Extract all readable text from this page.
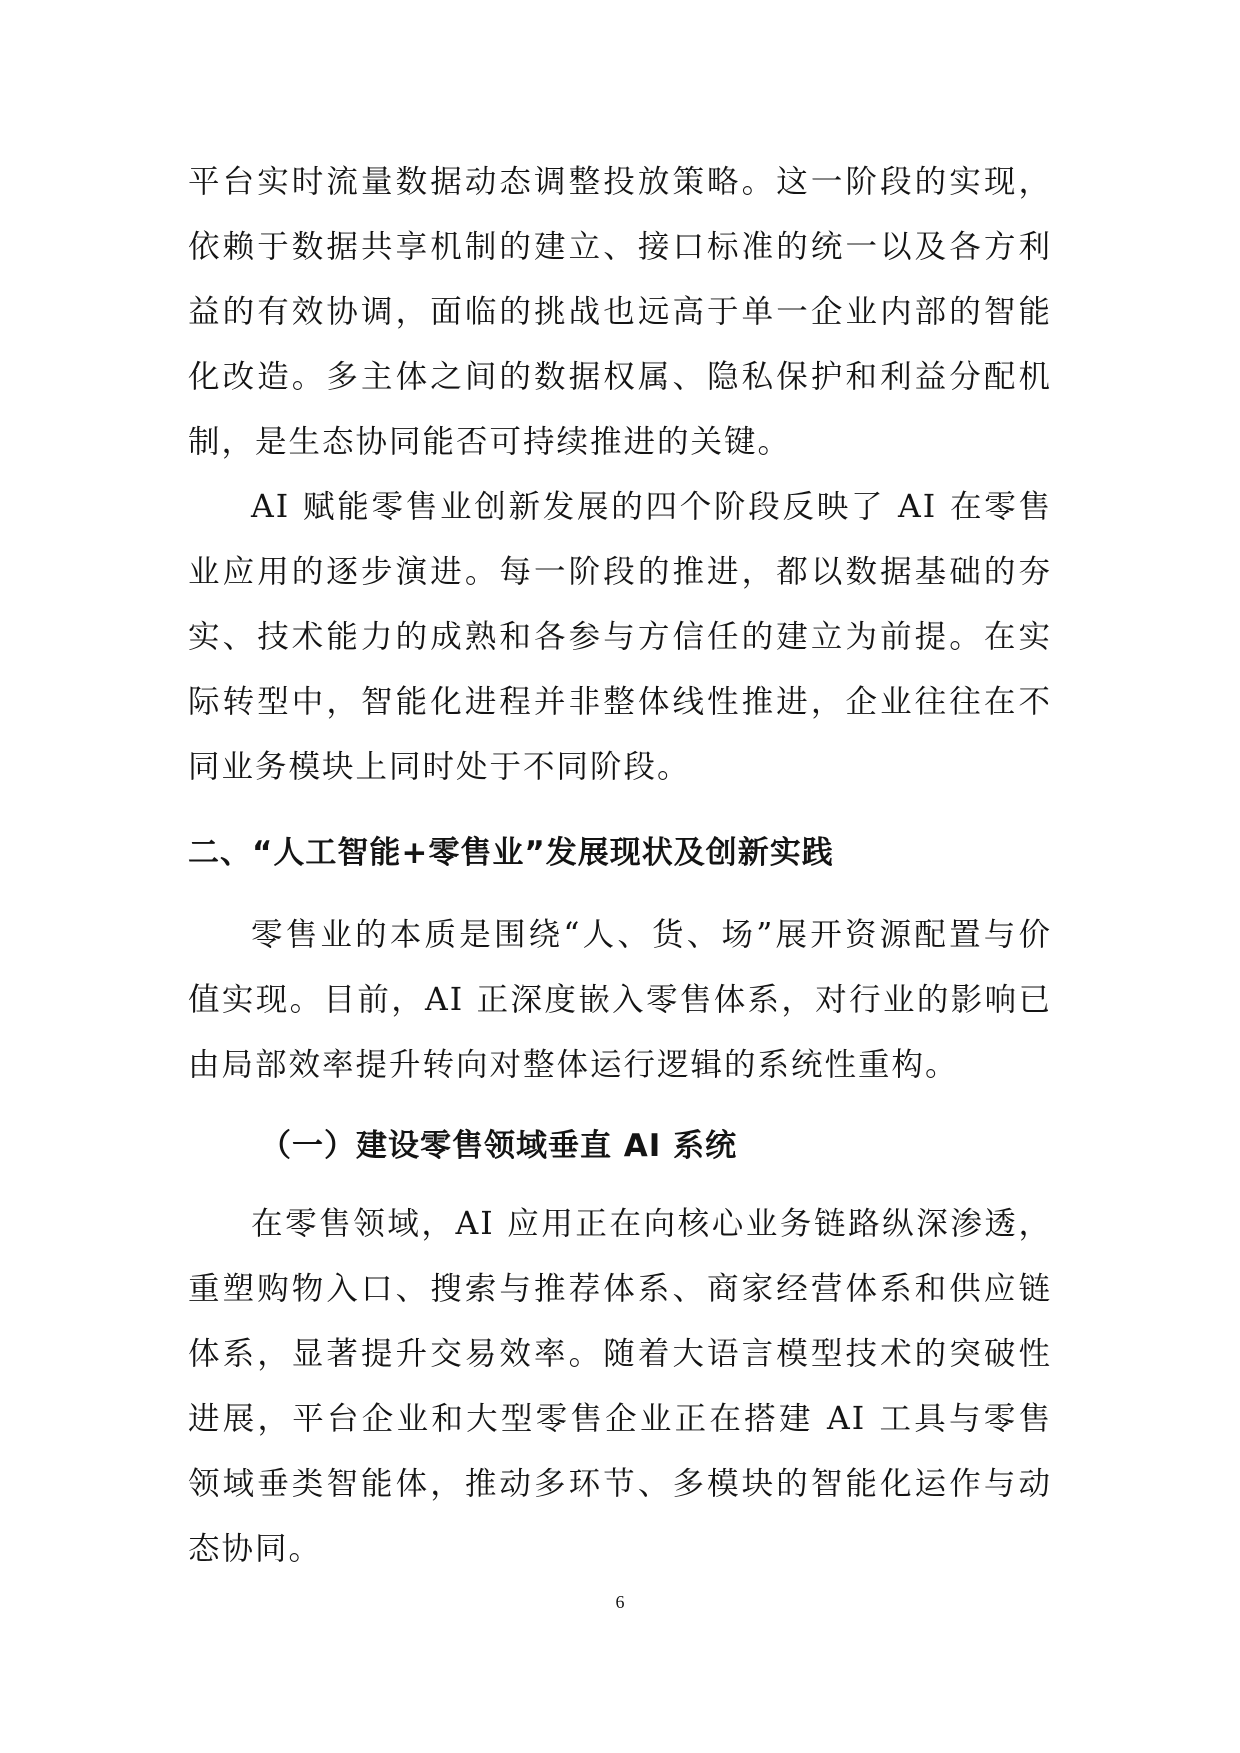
平台实时流量数据动态调整投放策略。这一阶段的实现，依赖于数据共享机制的建立、接口标准的统一以及各方利益的有效协调，面临的挑战也远高于单一企业内部的智能化改造。多主体之间的数据权属、隐私保护和利益分配机制，是生态协同能否可持续推进的关键。

AI 赋能零售业创新发展的四个阶段反映了 AI 在零售业应用的逐步演进。每一阶段的推进，都以数据基础的夯实、技术能力的成熟和各参与方信任的建立为前提。在实际转型中，智能化进程并非整体线性推进，企业往往在不同业务模块上同时处于不同阶段。

二、“人工智能+零售业”发展现状及创新实践

零售业的本质是围绕“人、货、场”展开资源配置与价值实现。目前，AI 正深度嵌入零售体系，对行业的影响已由局部效率提升转向对整体运行逻辑的系统性重构。

（一）建设零售领域垂直 AI 系统

在零售领域，AI 应用正在向核心业务链路纵深渗透，重塑购物入口、搜索与推荐体系、商家经营体系和供应链体系，显著提升交易效率。随着大语言模型技术的突破性进展，平台企业和大型零售企业正在搭建 AI 工具与零售领域垂类智能体，推动多环节、多模块的智能化运作与动态协同。

6
